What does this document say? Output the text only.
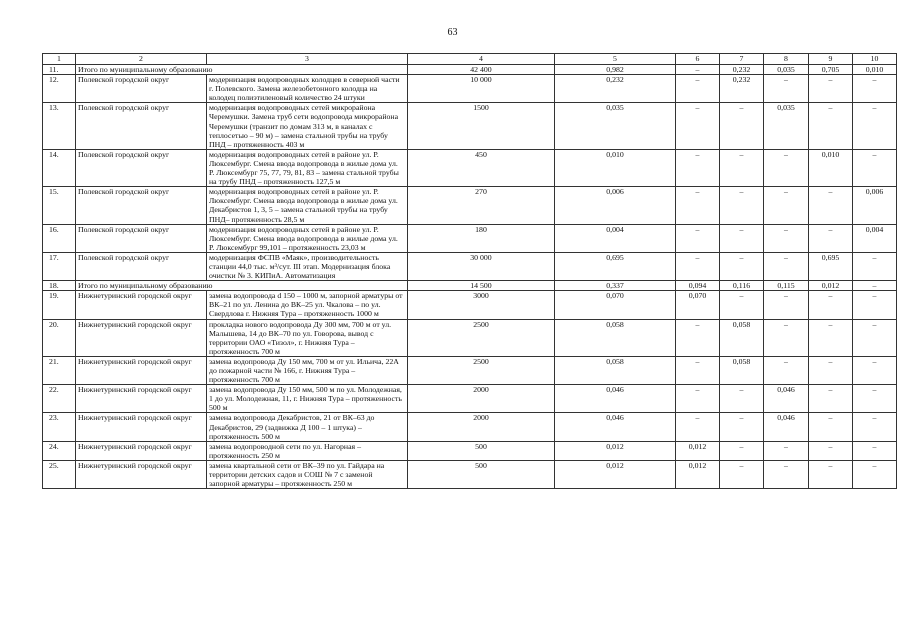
63
1	2	3	4	5	6	7	8	9	10
11.	Итого по муниципальному образованию		42 400	0,982	–	0,232	0,035	0,705	0,010
12.	Полевской городской округ	модернизация водопроводных колодцев в северной части г. Полевского. Замена железобетонного колодца на колодец полиэтиленовый количество 24 штуки	10 000	0,232	–	0,232	–	–	–
13.	Полевской городской округ	модернизация водопроводных сетей микрорайона Черемушки. Замена труб сети водопровода микрорайона Черемушки (транзит по домам 313 м, в каналах с теплосетью – 90 м) – замена стальной трубы на трубу ПНД – протяженность 403 м	1500	0,035	–	–	0,035	–	–
14.	Полевской городской округ	модернизация водопроводных сетей в районе ул. Р. Люксембург. Смена ввода водопровода в жилые дома ул. Р. Люксембург 75, 77, 79, 81, 83 – замена стальной трубы на трубу ПНД – протяженность 127,5 м	450	0,010	–	–	–	0,010	–
15.	Полевской городской округ	модернизация водопроводных сетей в районе ул. Р. Люксембург. Смена ввода водопровода в жилые дома ул. Декабристов 1, 3, 5 – замена стальной трубы на трубу ПНД– протяженность 28,5 м	270	0,006	–	–	–	–	0,006
16.	Полевской городской округ	модернизация водопроводных сетей в районе ул. Р. Люксембург. Смена ввода водопровода в жилые дома ул. Р. Люксембург 99,101 – протяженность 23,03 м	180	0,004	–	–	–	–	0,004
17.	Полевской городской округ	модернизация ФСПВ «Маяк», производительность станции 44,0 тыс. м³/сут. III этап. Модернизация блока очистки № 3. КИПиА. Автоматизация	30 000	0,695	–	–	–	0,695	–
18.	Итого по муниципальному образованию		14 500	0,337	0,094	0,116	0,115	0,012	–
19.	Нижнетуринский городской округ	замена водопровода d 150 – 1000 м, запорной арматуры от ВК–21 по ул. Ленина до ВК–25 ул. Чкалова – по ул. Свердлова г. Нижняя Тура – протяженность 1000 м	3000	0,070	0,070	–	–	–	–
20.	Нижнетуринский городской округ	прокладка нового водопровода Ду 300 мм, 700 м от ул. Малышева, 14 до ВК–70 по ул. Говорова, вывод с территории ОАО «Тизол», г. Нижняя Тура – протяженность 700 м	2500	0,058	–	0,058	–	–	–
21.	Нижнетуринский городской округ	замена водопровода Ду 150 мм, 700 м от ул. Ильича, 22А до пожарной части № 166, г. Нижняя Тура – протяженность 700 м	2500	0,058	–	0,058	–	–	–
22.	Нижнетуринский городской округ	замена водопровода Ду 150 мм, 500 м по ул. Молодежная, 1 до ул. Молодежная, 11, г. Нижняя Тура – протяженность 500 м	2000	0,046	–	–	0,046	–	–
23.	Нижнетуринский городской округ	замена водопровода Декабристов, 21 от ВК–63 до Декабристов, 29 (задвижка Д 100 – 1 штука) – протяженность 500 м	2000	0,046	–	–	0,046	–	–
24.	Нижнетуринский городской округ	замена водопроводной сети по ул. Нагорная – протяженность 250 м	500	0,012	0,012	–	–	–	–
25.	Нижнетуринский городской округ	замена квартальной сети от ВК–39 по ул. Гайдара на территории детских садов и СОШ № 7 с заменой запорной арматуры – протяженность 250 м	500	0,012	0,012	–	–	–	–
